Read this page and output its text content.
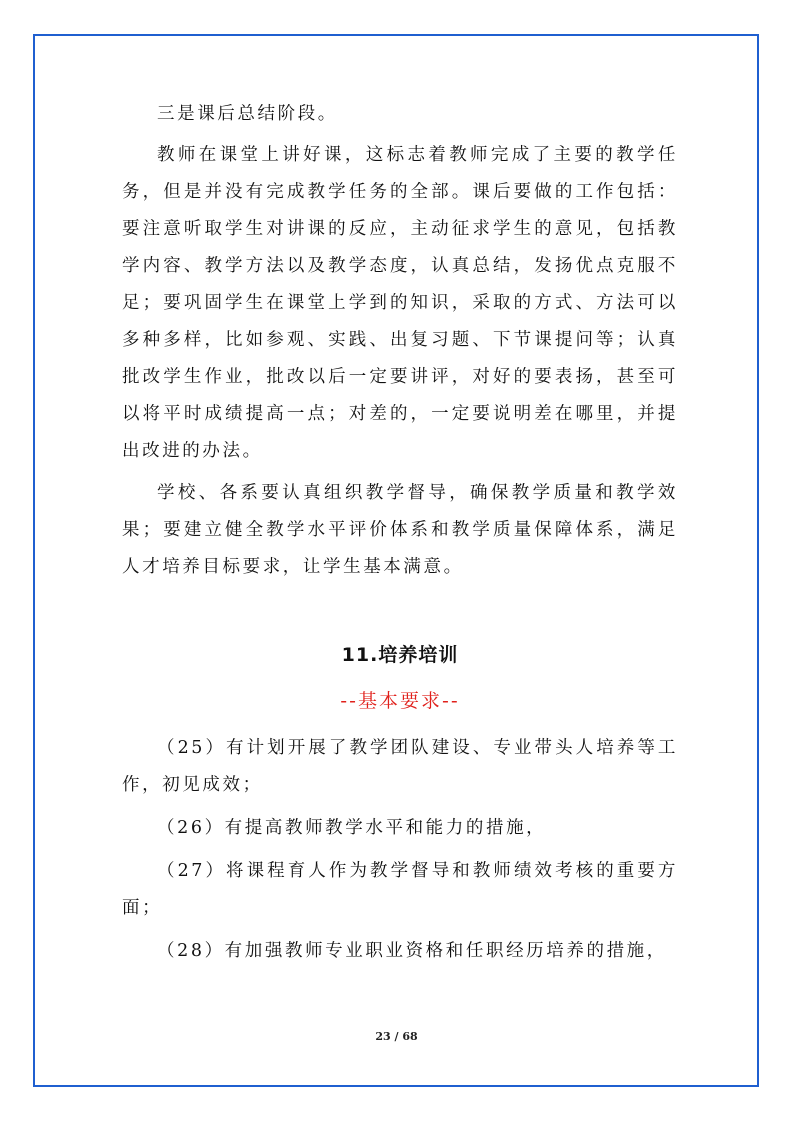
三是课后总结阶段。

教师在课堂上讲好课，这标志着教师完成了主要的教学任务，但是并没有完成教学任务的全部。课后要做的工作包括：要注意听取学生对讲课的反应，主动征求学生的意见，包括教学内容、教学方法以及教学态度，认真总结，发扬优点克服不足；要巩固学生在课堂上学到的知识，采取的方式、方法可以多种多样，比如参观、实践、出复习题、下节课提问等；认真批改学生作业，批改以后一定要讲评，对好的要表扬，甚至可以将平时成绩提高一点；对差的，一定要说明差在哪里，并提出改进的办法。

学校、各系要认真组织教学督导，确保教学质量和教学效果；要建立健全教学水平评价体系和教学质量保障体系，满足人才培养目标要求，让学生基本满意。

11.培养培训
--基本要求--

（25）有计划开展了教学团队建设、专业带头人培养等工作，初见成效；

（26）有提高教师教学水平和能力的措施，

（27）将课程育人作为教学督导和教师绩效考核的重要方面；

（28）有加强教师专业职业资格和任职经历培养的措施，

23 / 68
